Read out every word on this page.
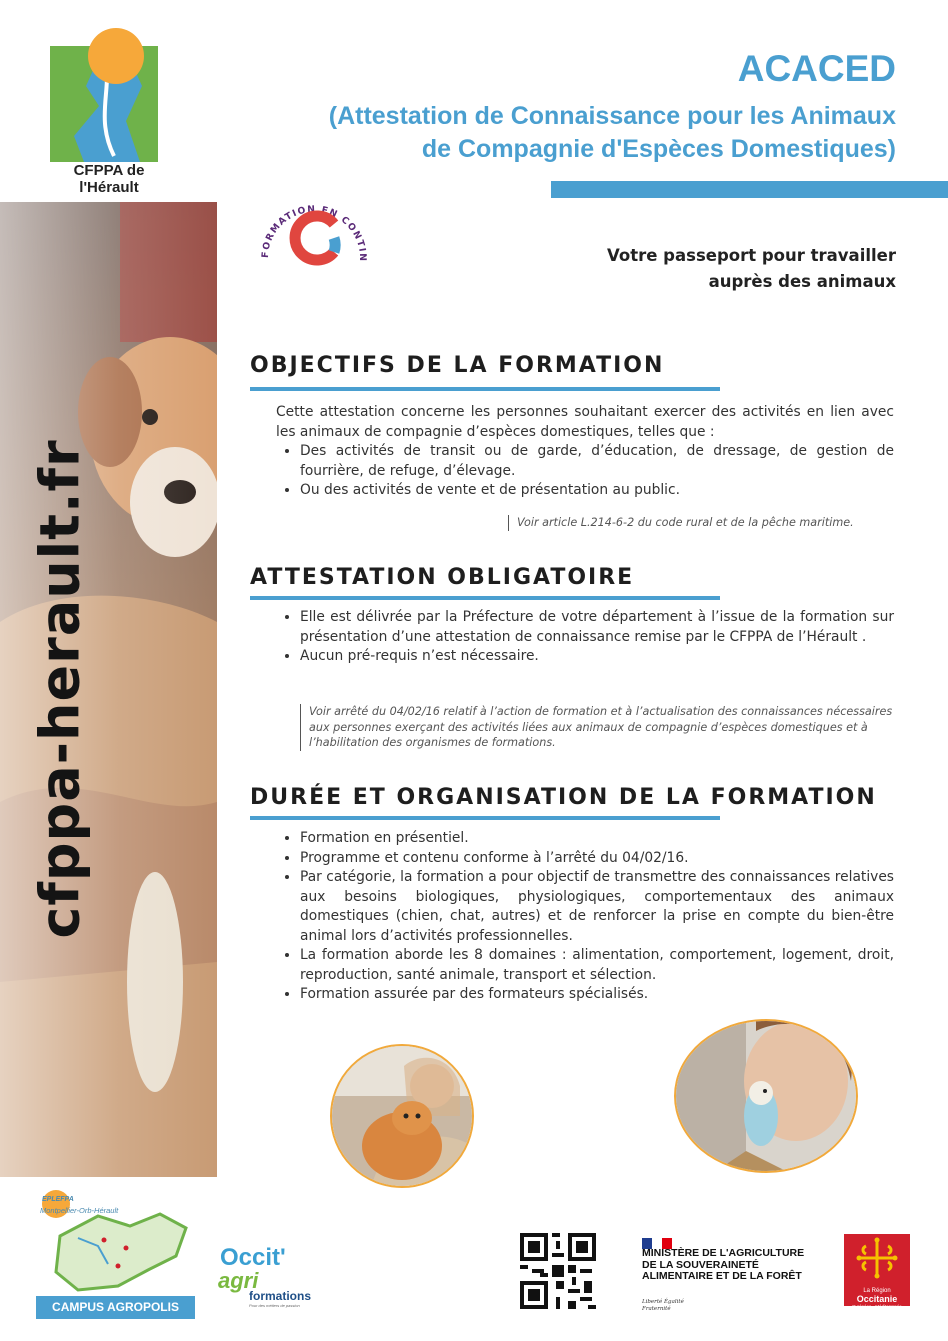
CFPPA de l'Hérault
cfppa-herault.fr
ACACED
(Attestation de Connaissance pour les Animaux
de Compagnie d'Espèces Domestiques)
FORMATION EN CONTIN	Votre passeport pour travailler
auprès des animaux
OBJECTIFS DE LA FORMATION
Cette attestation concerne les personnes souhaitant exercer des activités en lien avec les animaux de compagnie d’espèces domestiques, telles que :
• Des activités de transit ou de garde, d’éducation, de dressage, de gestion de fourrière, de refuge, d’élevage.
• Ou des activités de vente et de présentation au public.
Voir article L.214-6-2 du code rural et de la pêche maritime.
ATTESTATION OBLIGATOIRE
• Elle est délivrée par la Préfecture de votre département à l’issue de la formation sur présentation d’une attestation de connaissance remise par le CFPPA de l’Hérault .
• Aucun pré-requis n’est nécessaire.
Voir arrêté du 04/02/16 relatif à l’action de formation et à l’actualisation des connaissances nécessaires aux personnes exerçant des activités liées aux animaux de compagnie d’espèces domestiques et à l’habilitation des organismes de formations.
DURÉE ET ORGANISATION DE LA FORMATION
• Formation en présentiel.
• Programme et contenu conforme à l’arrêté du 04/02/16.
• Par catégorie, la formation a pour objectif de transmettre des connaissances relatives aux besoins biologiques, physiologiques, comportementaux des animaux domestiques (chien, chat, autres) et de renforcer la prise en compte du bien-être animal lors d’activités professionnelles.
• La formation aborde les 8 domaines : alimentation, comportement, logement, droit, reproduction, santé animale, transport et sélection.
• Formation assurée par des formateurs spécialisés.
EPLEFPA
Montpellier-Orb-Hérault
CAMPUS AGROPOLIS
Occit'
agri
formations
Pour des métiers de passion
MINISTÈRE DE L'AGRICULTURE DE LA SOUVERAINETÉ ALIMENTAIRE ET DE LA FORÊT
Liberté Égalité Fraternité
La Région
Occitanie
Pyrénées - Méditerranée
